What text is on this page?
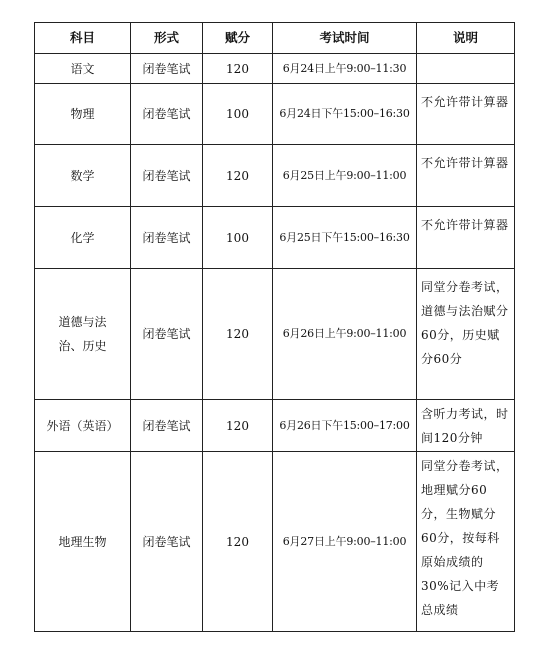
科目	形式	赋分	考试时间	说明
语文	闭卷笔试	120	6月24日上午9:00–11:30	
物理	闭卷笔试	100	6月24日下午15:00–16:30	不允许带计算器
数学	闭卷笔试	120	6月25日上午9:00–11:00	不允许带计算器
化学	闭卷笔试	100	6月25日下午15:00–16:30	不允许带计算器
道德与法治、历史	闭卷笔试	120	6月26日上午9:00–11:00	同堂分卷考试，道德与法治赋分60分，历史赋分60分
外语（英语）	闭卷笔试	120	6月26日下午15:00–17:00	含听力考试，时间120分钟
地理生物	闭卷笔试	120	6月27日上午9:00–11:00	同堂分卷考试，地理赋分60分，生物赋分60分，按每科原始成绩的30%记入中考总成绩
